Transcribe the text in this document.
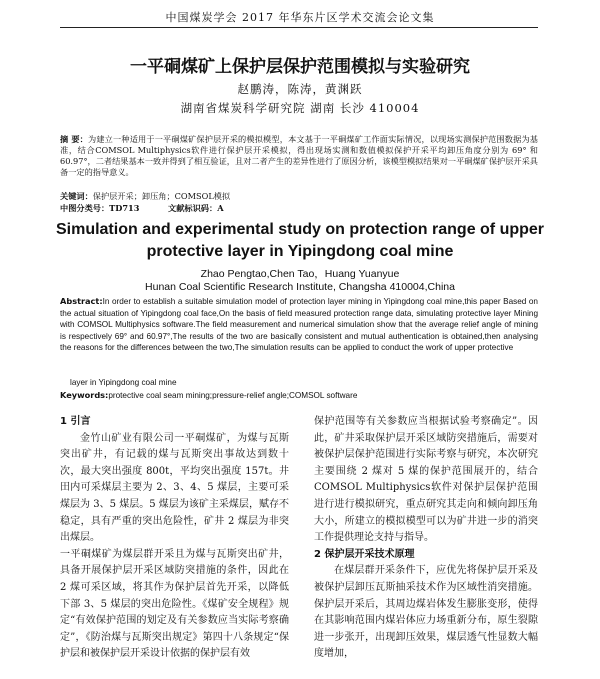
中国煤炭学会 2017 年华东片区学术交流会论文集
一平硐煤矿上保护层保护范围模拟与实验研究
赵鹏涛，陈涛，黄渊跃
湖南省煤炭科学研究院 湖南 长沙 410004
摘 要：为建立一种适用于一平硐煤矿保护层开采的模拟模型，本文基于一平硐煤矿工作面实际情况，以现场实测保护范围数据为基准，结合COMSOL Multiphysics软件进行保护层开采模拟，得出现场实测和数值模拟保护开采平均卸压角度分别为 69° 和 60.97°，二者结果基本一致并得到了相互验证，且对二者产生的差异性进行了原因分析，该模型模拟结果对一平硐煤矿保护层开采具备一定的指导意义。
关键词：保护层开采；卸压角；COMSOL模拟
中图分类号：TD713	文献标识码：A
Simulation and experimental study on protection range of upper protective layer in Yipingdong coal mine
Zhao Pengtao,Chen Tao，Huang Yuanyue
Hunan Coal Scientific Research Institute, Changsha 410004,China
Abstract:In order to establish a suitable simulation model of protection layer mining in Yipingdong coal mine,this paper Based on the actual situation of Yipingdong coal face,On the basis of field measured protection range data, simulating protective layer Mining with COMSOL Multiphysics software.The field measurement and numerical simulation show that the average relief angle of mining is respectively 69° and 60.97°,The results of the two are basically consistent and mutual authentication is obtained,then analysing the reasons for the differences between the two,The simulation results can be applied to conduct the work of upper protective
layer in Yipingdong coal mine
Keywords:protective coal seam mining;pressure-relief angle;COMSOL software

1 引言

金竹山矿业有限公司一平硐煤矿，为煤与瓦斯突出矿井，有记载的煤与瓦斯突出事故达到数十次，最大突出强度 800t，平均突出强度 157t。井田内可采煤层主要为 2、3、4、5 煤层，主要可采煤层为 3、5 煤层。5 煤层为该矿主采煤层，赋存不稳定，具有严重的突出危险性，矿井 2 煤层为非突出煤层。

一平硐煤矿为煤层群开采且为煤与瓦斯突出矿井，具备开展保护层开采区域防突措施的条件，因此在 2 煤可采区域，将其作为保护层首先开采，以降低下部 3、5 煤层的突出危险性。《煤矿安全规程》规定“有效保护范围的划定及有关参数应当实际考察确定”，《防治煤与瓦斯突出规定》第四十八条规定“保护层和被保护层开采设计依据的保护层有效

保护范围等有关参数应当根据试验考察确定”。因此，矿井采取保护层开采区域防突措施后，需要对被保护层保护范围进行实际考察与研究，本次研究主要围绕 2 煤对 5 煤的保护范围展开的，结合 COMSOL Multiphysics软件对保护层保护范围进行进行模拟研究，重点研究其走向和倾向卸压角大小，所建立的模拟模型可以为矿井进一步的消突工作提供理论支持与指导。

2 保护层开采技术原理

在煤层群开采条件下，应优先将保护层开采及被保护层卸压瓦斯抽采技术作为区域性消突措施。保护层开采后，其周边煤岩体发生膨胀变形，使得在其影响范围内煤岩体应力场重新分布，原生裂隙进一步张开，出现卸压效果，煤层透气性显数大幅度增加，
